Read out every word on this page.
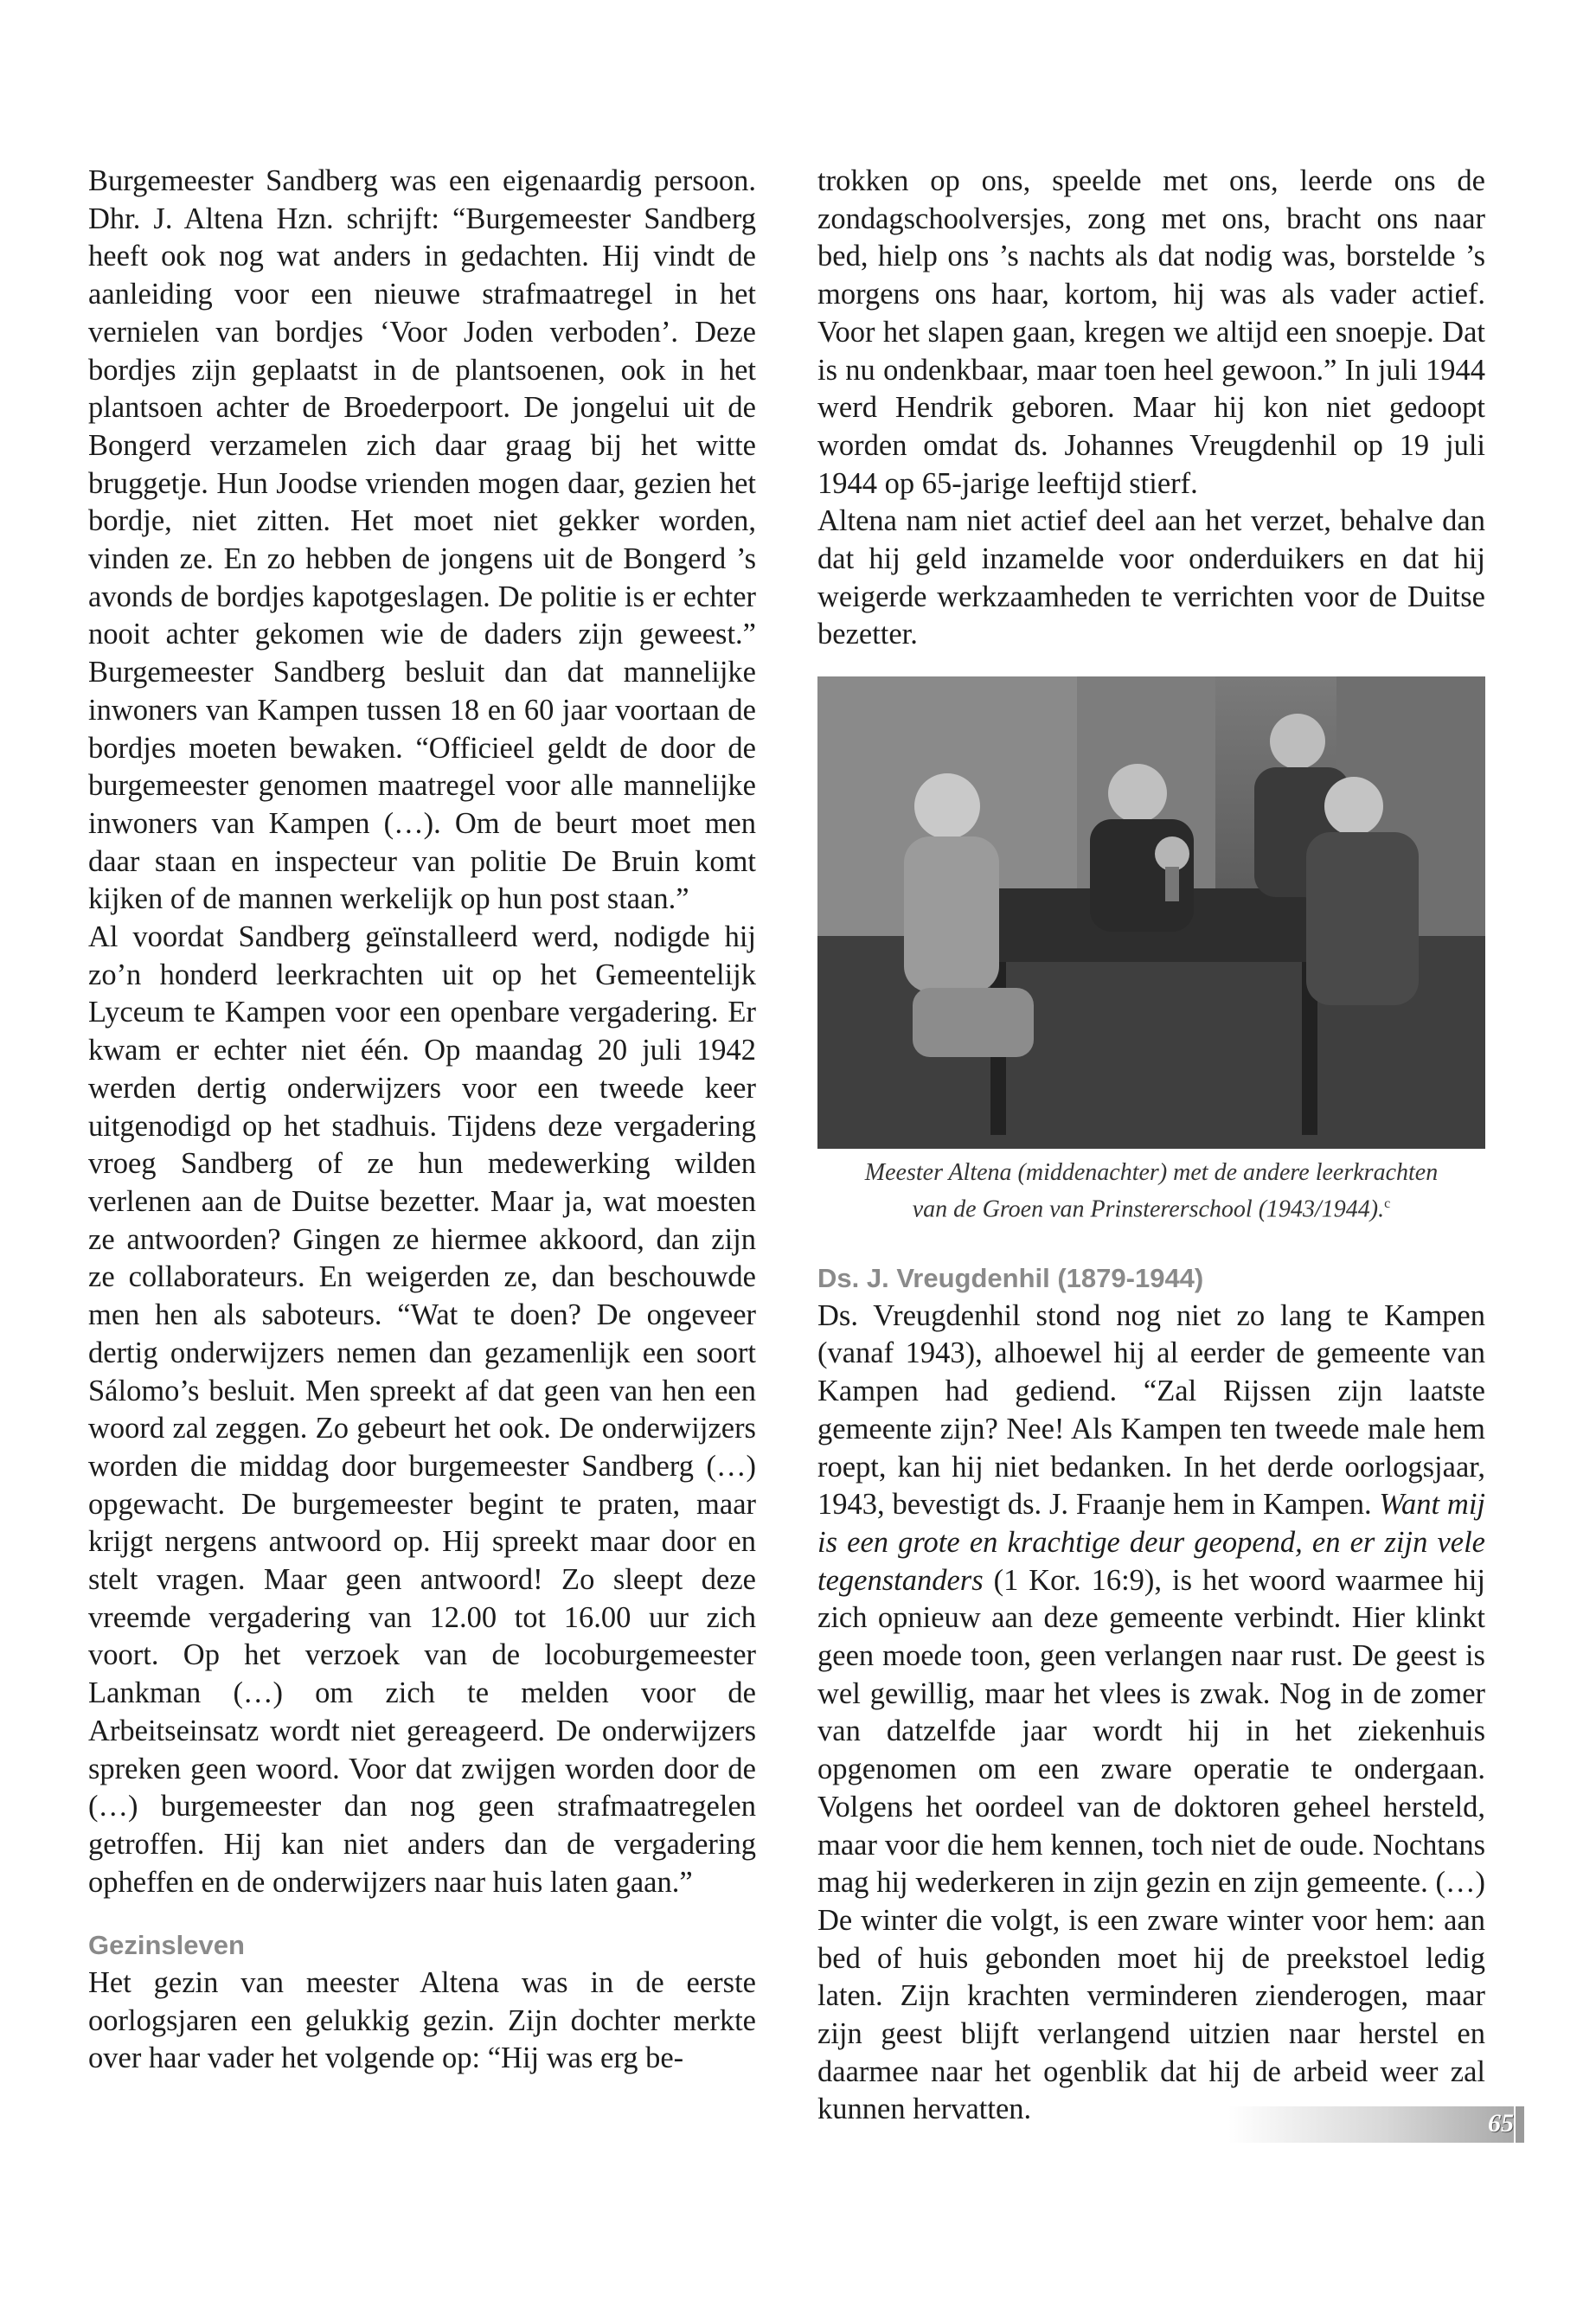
Burgemeester Sandberg was een eigenaardig persoon. Dhr. J. Altena Hzn. schrijft: “Burgemeester Sandberg heeft ook nog wat anders in gedachten. Hij vindt de aanleiding voor een nieuwe strafmaatregel in het vernielen van bordjes ‘Voor Joden verboden’. Deze bordjes zijn geplaatst in de plantsoenen, ook in het plantsoen achter de Broederpoort. De jongelui uit de Bongerd verzamelen zich daar graag bij het witte bruggetje. Hun Joodse vrienden mogen daar, gezien het bordje, niet zitten. Het moet niet gekker worden, vinden ze. En zo hebben de jongens uit de Bongerd ’s avonds de bordjes kapotgeslagen. De politie is er echter nooit achter gekomen wie de daders zijn geweest.” Burgemeester Sandberg besluit dan dat mannelijke inwoners van Kampen tussen 18 en 60 jaar voortaan de bordjes moeten bewaken. “Officieel geldt de door de burgemeester genomen maatregel voor alle mannelijke inwoners van Kampen (…). Om de beurt moet men daar staan en inspecteur van politie De Bruin komt kijken of de mannen werkelijk op hun post staan.”

Al voordat Sandberg geïnstalleerd werd, nodigde hij zo’n honderd leerkrachten uit op het Gemeentelijk Lyceum te Kampen voor een openbare vergadering. Er kwam er echter niet één. Op maandag 20 juli 1942 werden dertig onderwijzers voor een tweede keer uitgenodigd op het stadhuis. Tijdens deze vergadering vroeg Sandberg of ze hun medewerking wilden verlenen aan de Duitse bezetter. Maar ja, wat moesten ze antwoorden? Gingen ze hiermee akkoord, dan zijn ze collaborateurs. En weigerden ze, dan beschouwde men hen als saboteurs. “Wat te doen? De ongeveer dertig onderwijzers nemen dan gezamenlijk een soort Sálomo’s besluit. Men spreekt af dat geen van hen een woord zal zeggen. Zo gebeurt het ook. De onderwijzers worden die middag door burgemeester Sandberg (…) opgewacht. De burgemeester begint te praten, maar krijgt nergens antwoord op. Hij spreekt maar door en stelt vragen. Maar geen antwoord! Zo sleept deze vreemde vergadering van 12.00 tot 16.00 uur zich voort. Op het verzoek van de locoburgemeester Lankman (…) om zich te melden voor de Arbeitseinsatz wordt niet gereageerd. De onderwijzers spreken geen woord. Voor dat zwijgen worden door de (…) burgemeester dan nog geen strafmaatregelen getroffen. Hij kan niet anders dan de vergadering opheffen en de onderwijzers naar huis laten gaan.”

Gezinsleven

Het gezin van meester Altena was in de eerste oorlogsjaren een gelukkig gezin. Zijn dochter merkte over haar vader het volgende op: “Hij was erg be-

trokken op ons, speelde met ons, leerde ons de zondagschoolversjes, zong met ons, bracht ons naar bed, hielp ons ’s nachts als dat nodig was, borstelde ’s morgens ons haar, kortom, hij was als vader actief. Voor het slapen gaan, kregen we altijd een snoepje. Dat is nu ondenkbaar, maar toen heel gewoon.” In juli 1944 werd Hendrik geboren. Maar hij kon niet gedoopt worden omdat ds. Johannes Vreugdenhil op 19 juli 1944 op 65-jarige leeftijd stierf.

Altena nam niet actief deel aan het verzet, behalve dan dat hij geld inzamelde voor onderduikers en dat hij weigerde werkzaamheden te verrichten voor de Duitse bezetter.

Meester Altena (middenachter) met de andere leerkrachten
van de Groen van Prinstererschool (1943/1944).$^c$

Ds. J. Vreugdenhil (1879-1944)

Ds. Vreugdenhil stond nog niet zo lang te Kampen (vanaf 1943), alhoewel hij al eerder de gemeente van Kampen had gediend. “Zal Rijssen zijn laatste gemeente zijn? Nee! Als Kampen ten tweede male hem roept, kan hij niet bedanken. In het derde oorlogsjaar, 1943, bevestigt ds. J. Fraanje hem in Kampen. Want mij is een grote en krachtige deur geopend, en er zijn vele tegenstanders (1 Kor. 16:9), is het woord waarmee hij zich opnieuw aan deze gemeente verbindt. Hier klinkt geen moede toon, geen verlangen naar rust. De geest is wel gewillig, maar het vlees is zwak. Nog in de zomer van datzelfde jaar wordt hij in het ziekenhuis opgenomen om een zware operatie te ondergaan. Volgens het oordeel van de doktoren geheel hersteld, maar voor die hem kennen, toch niet de oude. Nochtans mag hij wederkeren in zijn gezin en zijn gemeente. (…) De winter die volgt, is een zware winter voor hem: aan bed of huis gebonden moet hij de preekstoel ledig laten. Zijn krachten verminderen zienderogen, maar zijn geest blijft verlangend uitzien naar herstel en daarmee naar het ogenblik dat hij de arbeid weer zal kunnen hervatten.	65
